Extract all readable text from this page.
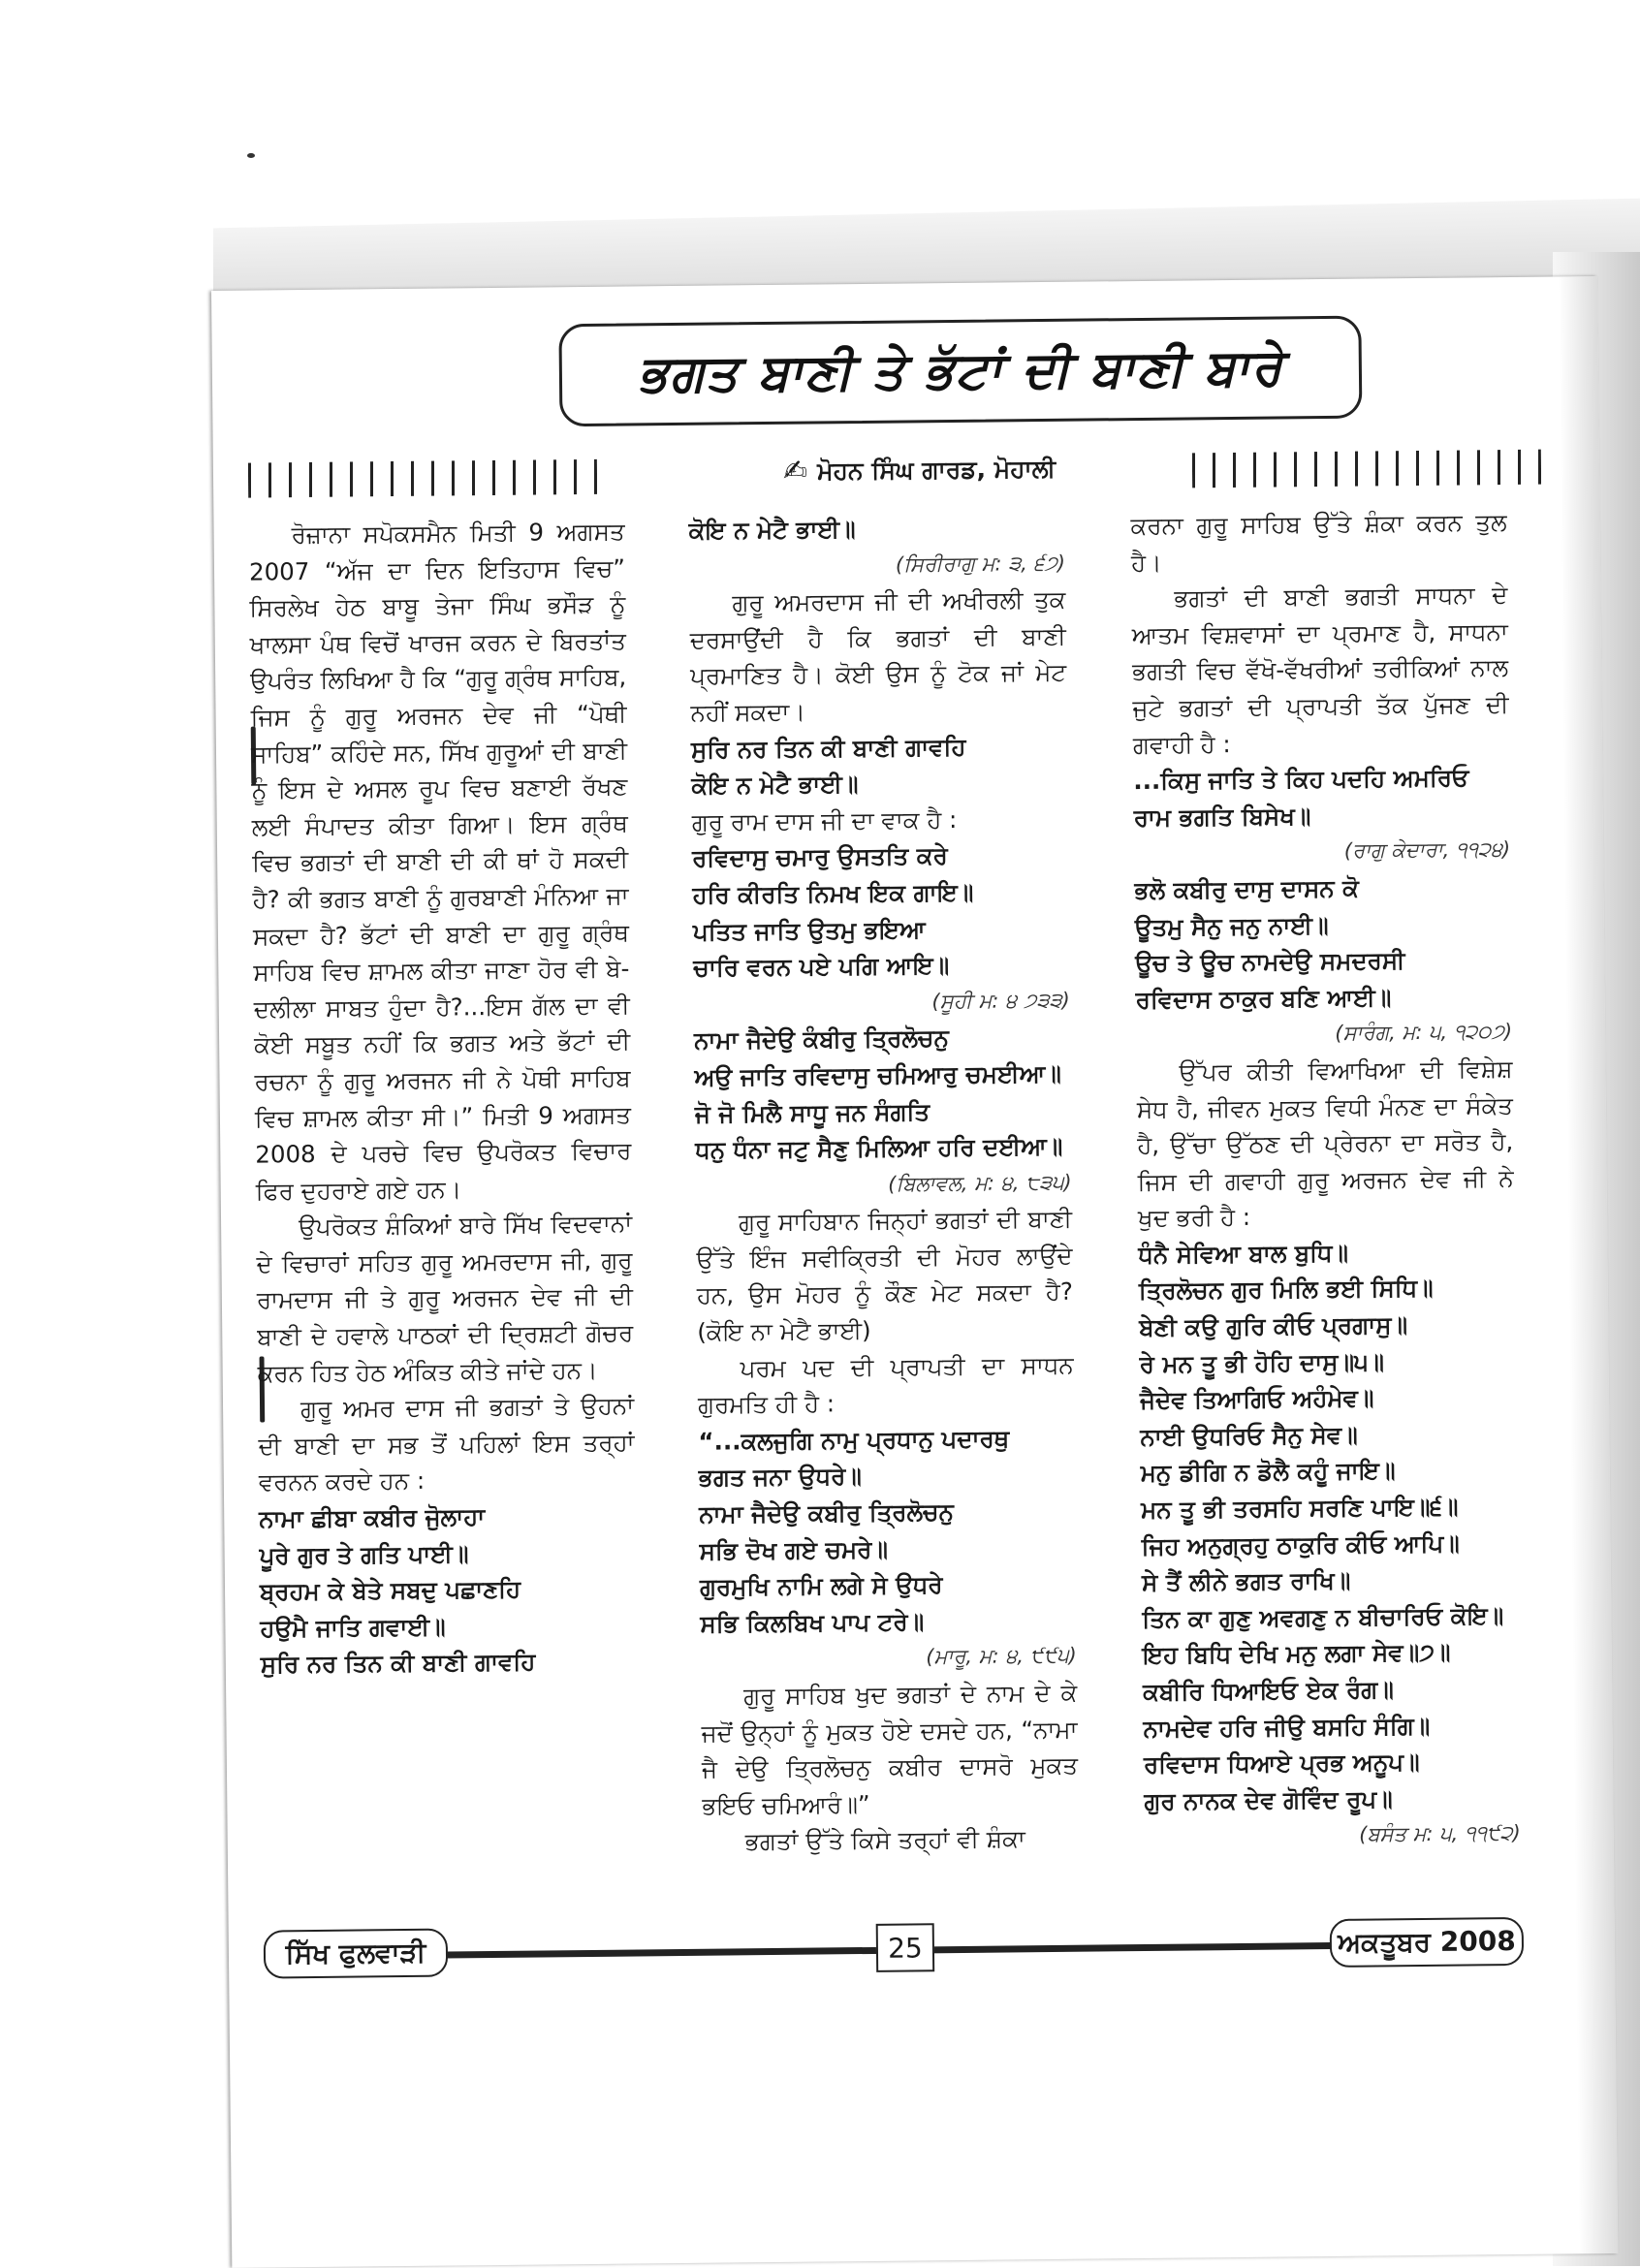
ਭਗਤ ਬਾਣੀ ਤੇ ਭੱਟਾਂ ਦੀ ਬਾਣੀ ਬਾਰੇ
✍ ਮੋਹਨ ਸਿੰਘ ਗਾਰਡ, ਮੋਹਾਲੀ

ਰੋਜ਼ਾਨਾ ਸਪੋਕਸਮੈਨ ਮਿਤੀ 9 ਅਗਸਤ 2007 “ਅੱਜ ਦਾ ਦਿਨ ਇਤਿਹਾਸ ਵਿਚ” ਸਿਰਲੇਖ ਹੇਠ ਬਾਬੂ ਤੇਜਾ ਸਿੰਘ ਭਸੌੜ ਨੂੰ ਖਾਲਸਾ ਪੰਥ ਵਿਚੋਂ ਖਾਰਜ ਕਰਨ ਦੇ ਬਿਰਤਾਂਤ ਉਪਰੰਤ ਲਿਖਿਆ ਹੈ ਕਿ “ਗੁਰੂ ਗ੍ਰੰਥ ਸਾਹਿਬ, ਜਿਸ ਨੂੰ ਗੁਰੂ ਅਰਜਨ ਦੇਵ ਜੀ “ਪੋਥੀ ਸਾਹਿਬ” ਕਹਿੰਦੇ ਸਨ, ਸਿੱਖ ਗੁਰੂਆਂ ਦੀ ਬਾਣੀ ਨੂੰ ਇਸ ਦੇ ਅਸਲ ਰੂਪ ਵਿਚ ਬਣਾਈ ਰੱਖਣ ਲਈ ਸੰਪਾਦਤ ਕੀਤਾ ਗਿਆ। ਇਸ ਗ੍ਰੰਥ ਵਿਚ ਭਗਤਾਂ ਦੀ ਬਾਣੀ ਦੀ ਕੀ ਥਾਂ ਹੋ ਸਕਦੀ ਹੈ? ਕੀ ਭਗਤ ਬਾਣੀ ਨੂੰ ਗੁਰਬਾਣੀ ਮੰਨਿਆ ਜਾ ਸਕਦਾ ਹੈ? ਭੱਟਾਂ ਦੀ ਬਾਣੀ ਦਾ ਗੁਰੂ ਗ੍ਰੰਥ ਸਾਹਿਬ ਵਿਚ ਸ਼ਾਮਲ ਕੀਤਾ ਜਾਣਾ ਹੋਰ ਵੀ ਬੇ-ਦਲੀਲਾ ਸਾਬਤ ਹੁੰਦਾ ਹੈ?...ਇਸ ਗੱਲ ਦਾ ਵੀ ਕੋਈ ਸਬੂਤ ਨਹੀਂ ਕਿ ਭਗਤ ਅਤੇ ਭੱਟਾਂ ਦੀ ਰਚਨਾ ਨੂੰ ਗੁਰੂ ਅਰਜਨ ਜੀ ਨੇ ਪੋਥੀ ਸਾਹਿਬ ਵਿਚ ਸ਼ਾਮਲ ਕੀਤਾ ਸੀ।” ਮਿਤੀ 9 ਅਗਸਤ 2008 ਦੇ ਪਰਚੇ ਵਿਚ ਉਪਰੋਕਤ ਵਿਚਾਰ ਫਿਰ ਦੁਹਰਾਏ ਗਏ ਹਨ।

ਉਪਰੋਕਤ ਸ਼ੰਕਿਆਂ ਬਾਰੇ ਸਿੱਖ ਵਿਦਵਾਨਾਂ ਦੇ ਵਿਚਾਰਾਂ ਸਹਿਤ ਗੁਰੂ ਅਮਰਦਾਸ ਜੀ, ਗੁਰੂ ਰਾਮਦਾਸ ਜੀ ਤੇ ਗੁਰੂ ਅਰਜਨ ਦੇਵ ਜੀ ਦੀ ਬਾਣੀ ਦੇ ਹਵਾਲੇ ਪਾਠਕਾਂ ਦੀ ਦ੍ਰਿਸ਼ਟੀ ਗੋਚਰ ਕਰਨ ਹਿਤ ਹੇਠ ਅੰਕਿਤ ਕੀਤੇ ਜਾਂਦੇ ਹਨ।

ਗੁਰੂ ਅਮਰ ਦਾਸ ਜੀ ਭਗਤਾਂ ਤੇ ਉਹਨਾਂ ਦੀ ਬਾਣੀ ਦਾ ਸਭ ਤੋਂ ਪਹਿਲਾਂ ਇਸ ਤਰ੍ਹਾਂ ਵਰਨਨ ਕਰਦੇ ਹਨ :

ਨਾਮਾ ਛੀਬਾ ਕਬੀਰ ਜੋੁਲਾਹਾ

ਪੂਰੇ ਗੁਰ ਤੇ ਗਤਿ ਪਾਈ॥

ਬ੍ਰਹਮ ਕੇ ਬੇਤੇ ਸਬਦੁ ਪਛਾਣਹਿ

ਹਉਮੈ ਜਾਤਿ ਗਵਾਈ॥

ਸੁਰਿ ਨਰ ਤਿਨ ਕੀ ਬਾਣੀ ਗਾਵਹਿ

ਕੋਇ ਨ ਮੇਟੈ ਭਾਈ॥

(ਸਿਰੀਰਾਗੁ ਮ: ੩, ੬੭)

ਗੁਰੂ ਅਮਰਦਾਸ ਜੀ ਦੀ ਅਖੀਰਲੀ ਤੁਕ ਦਰਸਾਉਂਦੀ ਹੈ ਕਿ ਭਗਤਾਂ ਦੀ ਬਾਣੀ ਪ੍ਰਮਾਣਿਤ ਹੈ। ਕੋਈ ਉਸ ਨੂੰ ਟੋਕ ਜਾਂ ਮੇਟ ਨਹੀਂ ਸਕਦਾ।

ਸੁਰਿ ਨਰ ਤਿਨ ਕੀ ਬਾਣੀ ਗਾਵਹਿ

ਕੋਇ ਨ ਮੇਟੈ ਭਾਈ॥

ਗੁਰੂ ਰਾਮ ਦਾਸ ਜੀ ਦਾ ਵਾਕ ਹੈ :

ਰਵਿਦਾਸੁ ਚਮਾਰੁ ਉਸਤਤਿ ਕਰੇ

ਹਰਿ ਕੀਰਤਿ ਨਿਮਖ ਇਕ ਗਾਇ॥

ਪਤਿਤ ਜਾਤਿ ਉਤਮੁ ਭਇਆ

ਚਾਰਿ ਵਰਨ ਪਏ ਪਗਿ ਆਇ॥

(ਸੂਹੀ ਮ: ੪ ੭੩੩)

ਨਾਮਾ ਜੈਦੇਉ ਕੰਬੀਰੁ ਤ੍ਰਿਲੋਚਨੁ

ਅਉ ਜਾਤਿ ਰਵਿਦਾਸੁ ਚਮਿਆਰੁ ਚਮਈਆ॥

ਜੋ ਜੋ ਮਿਲੈ ਸਾਧੂ ਜਨ ਸੰਗਤਿ

ਧਨੁ ਧੰਨਾ ਜਟੁ ਸੈਣੁ ਮਿਲਿਆ ਹਰਿ ਦਈਆ॥

(ਬਿਲਾਵਲ, ਮ: ੪, ੮੩੫)

ਗੁਰੂ ਸਾਹਿਬਾਨ ਜਿਨ੍ਹਾਂ ਭਗਤਾਂ ਦੀ ਬਾਣੀ ਉੱਤੇ ਇੰਜ ਸਵੀਕ੍ਰਿਤੀ ਦੀ ਮੋਹਰ ਲਾਉਂਦੇ ਹਨ, ਉਸ ਮੋਹਰ ਨੂੰ ਕੌਣ ਮੇਟ ਸਕਦਾ ਹੈ? (ਕੋਇ ਨਾ ਮੇਟੈ ਭਾਈ)

ਪਰਮ ਪਦ ਦੀ ਪ੍ਰਾਪਤੀ ਦਾ ਸਾਧਨ ਗੁਰਮਤਿ ਹੀ ਹੈ :

“...ਕਲਜੁਗਿ ਨਾਮੁ ਪ੍ਰਧਾਨੁ ਪਦਾਰਥੁ

ਭਗਤ ਜਨਾ ਉਧਰੇ॥

ਨਾਮਾ ਜੈਦੇਉ ਕਬੀਰੁ ਤ੍ਰਿਲੋਚਨੁ

ਸਭਿ ਦੋਖ ਗਏ ਚਮਰੇ॥

ਗੁਰਮੁਖਿ ਨਾਮਿ ਲਗੇ ਸੇ ਉਧਰੇ

ਸਭਿ ਕਿਲਬਿਖ ਪਾਪ ਟਰੇ॥

(ਮਾਰੂ, ਮ: ੪, ੯੯੫)

ਗੁਰੂ ਸਾਹਿਬ ਖੁਦ ਭਗਤਾਂ ਦੇ ਨਾਮ ਦੇ ਕੇ ਜਦੋਂ ਉਨ੍ਹਾਂ ਨੂੰ ਮੁਕਤ ਹੋਏ ਦਸਦੇ ਹਨ, “ਨਾਮਾ ਜੈ ਦੇਉ ਤ੍ਰਿਲੋਚਨੁ ਕਬੀਰ ਦਾਸਰੋ ਮੁਕਤ ਭਇਓ ਚਮਿਆਰੰ॥”

ਭਗਤਾਂ ਉੱਤੇ ਕਿਸੇ ਤਰ੍ਹਾਂ ਵੀ ਸ਼ੰਕਾ

ਕਰਨਾ ਗੁਰੂ ਸਾਹਿਬ ਉੱਤੇ ਸ਼ੰਕਾ ਕਰਨ ਤੁਲ ਹੈ।

ਭਗਤਾਂ ਦੀ ਬਾਣੀ ਭਗਤੀ ਸਾਧਨਾ ਦੇ ਆਤਮ ਵਿਸ਼ਵਾਸਾਂ ਦਾ ਪ੍ਰਮਾਣ ਹੈ, ਸਾਧਨਾ ਭਗਤੀ ਵਿਚ ਵੱਖੋ-ਵੱਖਰੀਆਂ ਤਰੀਕਿਆਂ ਨਾਲ ਜੁਟੇ ਭਗਤਾਂ ਦੀ ਪ੍ਰਾਪਤੀ ਤੱਕ ਪੁੱਜਣ ਦੀ ਗਵਾਹੀ ਹੈ :

...ਕਿਸੁ ਜਾਤਿ ਤੇ ਕਿਹ ਪਦਹਿ ਅਮਰਿਓ

ਰਾਮ ਭਗਤਿ ਬਿਸੇਖ॥

(ਰਾਗੁ ਕੇਦਾਰਾ, ੧੧੨੪)

ਭਲੋ ਕਬੀਰੁ ਦਾਸੁ ਦਾਸਨ ਕੋ

ਊਤਮੁ ਸੈਨੁ ਜਨੁ ਨਾਈ॥

ਊਚ ਤੇ ਊਚ ਨਾਮਦੇਉ ਸਮਦਰਸੀ

ਰਵਿਦਾਸ ਠਾਕੁਰ ਬਣਿ ਆਈ॥

(ਸਾਰੰਗ, ਮ: ੫, ੧੨੦੭)

ਉੱਪਰ ਕੀਤੀ ਵਿਆਖਿਆ ਦੀ ਵਿਸ਼ੇਸ਼ ਸੇਧ ਹੈ, ਜੀਵਨ ਮੁਕਤ ਵਿਧੀ ਮੰਨਣ ਦਾ ਸੰਕੇਤ ਹੈ, ਉੱਚਾ ਉੱਠਣ ਦੀ ਪ੍ਰੇਰਨਾ ਦਾ ਸਰੋਤ ਹੈ, ਜਿਸ ਦੀ ਗਵਾਹੀ ਗੁਰੂ ਅਰਜਨ ਦੇਵ ਜੀ ਨੇ ਖੁਦ ਭਰੀ ਹੈ :

ਧੰਨੈ ਸੇਵਿਆ ਬਾਲ ਬੁਧਿ॥

ਤ੍ਰਿਲੋਚਨ ਗੁਰ ਮਿਲਿ ਭਈ ਸਿਧਿ॥

ਬੇਣੀ ਕਉ ਗੁਰਿ ਕੀਓ ਪ੍ਰਗਾਸੁ॥

ਰੇ ਮਨ ਤੂ ਭੀ ਹੋਹਿ ਦਾਸੁ॥੫॥

ਜੈਦੇਵ ਤਿਆਗਿਓ ਅਹੰਮੇਵ॥

ਨਾਈ ਉਧਰਿਓ ਸੈਨੁ ਸੇਵ॥

ਮਨੁ ਡੀਗਿ ਨ ਡੋਲੈ ਕਹੂੰ ਜਾਇ॥

ਮਨ ਤੂ ਭੀ ਤਰਸਹਿ ਸਰਣਿ ਪਾਇ॥੬॥

ਜਿਹ ਅਨੁਗ੍ਰਹੁ ਠਾਕੁਰਿ ਕੀਓ ਆਪਿ॥

ਸੇ ਤੈਂ ਲੀਨੇ ਭਗਤ ਰਾਖਿ॥

ਤਿਨ ਕਾ ਗੁਣੁ ਅਵਗਣੁ ਨ ਬੀਚਾਰਿਓ ਕੋਇ॥

ਇਹ ਬਿਧਿ ਦੇਖਿ ਮਨੁ ਲਗਾ ਸੇਵ॥੭॥

ਕਬੀਰਿ ਧਿਆਇਓ ਏਕ ਰੰਗ॥

ਨਾਮਦੇਵ ਹਰਿ ਜੀਉ ਬਸਹਿ ਸੰਗਿ॥

ਰਵਿਦਾਸ ਧਿਆਏ ਪ੍ਰਭ ਅਨੂਪ॥

ਗੁਰ ਨਾਨਕ ਦੇਵ ਗੋਵਿੰਦ ਰੂਪ॥

(ਬਸੰਤ ਮ: ੫, ੧੧੯੨)

ਸਿੱਖ ਫੁਲਵਾੜੀ	25	ਅਕਤੂਬਰ 2008
